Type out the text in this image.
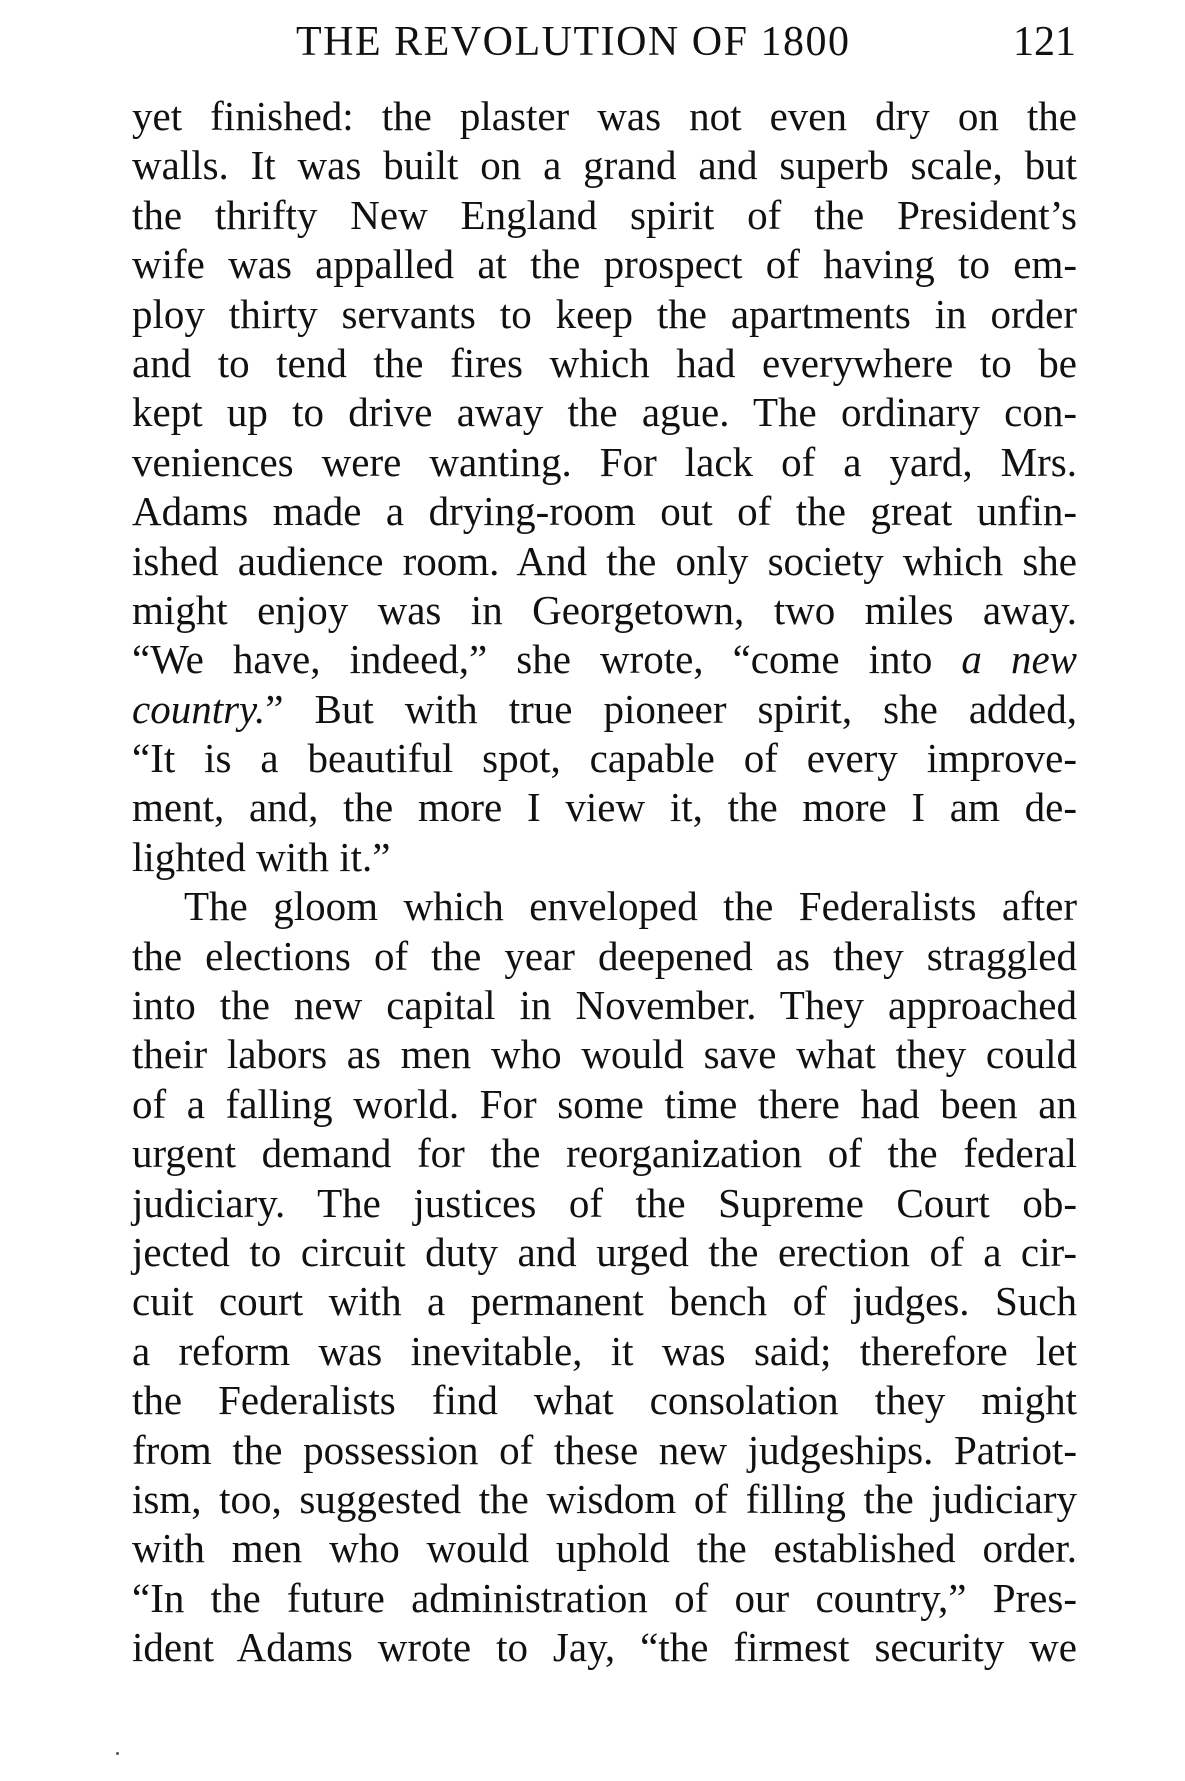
THE REVOLUTION OF 1800	121
yet finished: the plaster was not even dry on the
walls. It was built on a grand and superb scale, but
the thrifty New England spirit of the President’s
wife was appalled at the prospect of having to em-
ploy thirty servants to keep the apartments in order
and to tend the fires which had everywhere to be
kept up to drive away the ague. The ordinary con-
veniences were wanting. For lack of a yard, Mrs.
Adams made a drying-room out of the great unfin-
ished audience room. And the only society which she
might enjoy was in Georgetown, two miles away.
“We have, indeed,” she wrote, “come into a new
country.” But with true pioneer spirit, she added,
“It is a beautiful spot, capable of every improve-
ment, and, the more I view it, the more I am de-
lighted with it.”
The gloom which enveloped the Federalists after
the elections of the year deepened as they straggled
into the new capital in November. They approached
their labors as men who would save what they could
of a falling world. For some time there had been an
urgent demand for the reorganization of the federal
judiciary. The justices of the Supreme Court ob-
jected to circuit duty and urged the erection of a cir-
cuit court with a permanent bench of judges. Such
a reform was inevitable, it was said; therefore let
the Federalists find what consolation they might
from the possession of these new judgeships. Patriot-
ism, too, suggested the wisdom of filling the judiciary
with men who would uphold the established order.
“In the future administration of our country,” Pres-
ident Adams wrote to Jay, “the firmest security we
